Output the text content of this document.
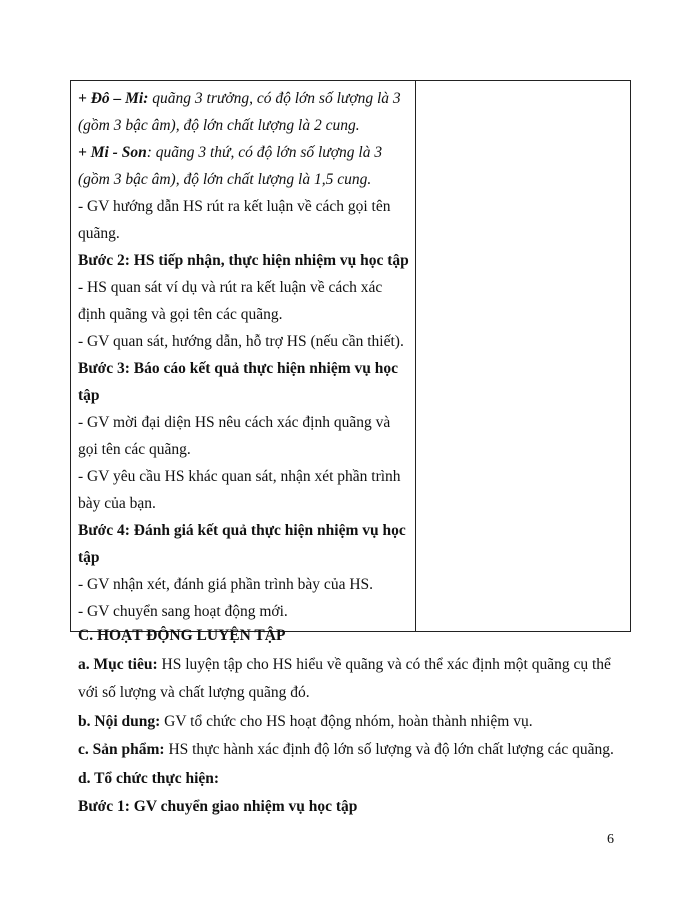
+ Đô – Mi: quãng 3 trưởng, có độ lớn số lượng là 3
(gồm 3 bậc âm), độ lớn chất lượng là 2 cung.
+ Mi - Son: quãng 3 thứ, có độ lớn số lượng là 3
(gồm 3 bậc âm), độ lớn chất lượng là 1,5 cung.
- GV hướng dẫn HS rút ra kết luận về cách gọi tên
quãng.
Bước 2: HS tiếp nhận, thực hiện nhiệm vụ học tập
- HS quan sát ví dụ và rút ra kết luận về cách xác
định quãng và gọi tên các quãng.
- GV quan sát, hướng dẫn, hỗ trợ HS (nếu cần thiết).
Bước 3: Báo cáo kết quả thực hiện nhiệm vụ học
tập
- GV mời đại diện HS nêu cách xác định quãng và
gọi tên các quãng.
- GV yêu cầu HS khác quan sát, nhận xét phần trình
bày của bạn.
Bước 4: Đánh giá kết quả thực hiện nhiệm vụ học
tập
- GV nhận xét, đánh giá phần trình bày của HS.
- GV chuyển sang hoạt động mới.

C. HOẠT ĐỘNG LUYỆN TẬP
a. Mục tiêu: HS luyện tập cho HS hiểu về quãng và có thể xác định một quãng cụ thể
với số lượng và chất lượng quãng đó.
b. Nội dung: GV tổ chức cho HS hoạt động nhóm, hoàn thành nhiệm vụ.
c. Sản phẩm: HS thực hành xác định độ lớn số lượng và độ lớn chất lượng các quãng.
d. Tổ chức thực hiện:
Bước 1: GV chuyển giao nhiệm vụ học tập
6
